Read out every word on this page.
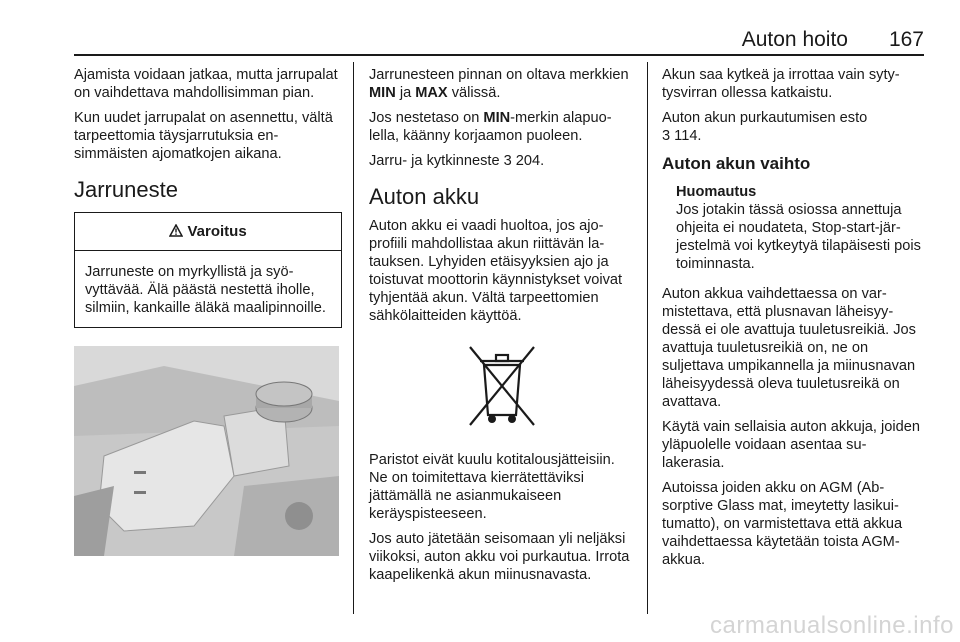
Auton hoito 167

Ajamista voidaan jatkaa, mutta jarrupalat on vaihdettava mahdollisimman pian.

Kun uudet jarrupalat on asennettu, vältä tarpeettomia täysjarrutuksia ensimmäisten ajomatkojen aikana.

Jarruneste
Varoitus
Jarruneste on myrkyllistä ja syövyttävää. Älä päästä nestettä iholle, silmiin, kankaille äläkä maalipinnoille.

Jarrunesteen pinnan on oltava merkkien MIN ja MAX välissä.

Jos nestetaso on MIN-merkin alapuolella, käänny korjaamon puoleen.

Jarru- ja kytkinneste 3 204.

Auton akku

Auton akku ei vaadi huoltoa, jos ajoprofiili mahdollistaa akun riittävän latauksen. Lyhyiden etäisyyksien ajo ja toistuvat moottorin käynnistykset voivat tyhjentää akun. Vältä tarpeettomien sähkölaitteiden käyttöä.

Paristot eivät kuulu kotitalousjätteisiin. Ne on toimitettava kierrätettäviksi jättämällä ne asianmukaiseen keräyspisteeseen.

Jos auto jätetään seisomaan yli neljäksi viikoksi, auton akku voi purkautua. Irrota kaapelikenkä akun miinusnavasta.

Akun saa kytkeä ja irrottaa vain sytytysvirran ollessa katkaistu.

Auton akun purkautumisen esto
3 114.

Auton akun vaihto
Huomautus
Jos jotakin tässä osiossa annettuja ohjeita ei noudateta, Stop-start-järjestelmä voi kytkeytyä tilapäisesti pois toiminnasta.

Auton akkua vaihdettaessa on varmistettava, että plusnavan läheisyydessä ei ole avattuja tuuletusreikiä. Jos avattuja tuuletusreikiä on, ne on suljettava umpikannella ja miinusnavan läheisyydessä oleva tuuletusreikä on avattava.

Käytä vain sellaisia auton akkuja, joiden yläpuolelle voidaan asentaa sulakerasia.

Autoissa joiden akku on AGM (Absorptive Glass mat, imeytetty lasikuitumatto), on varmistettava että akkua vaihdettaessa käytetään toista AGM-akkua.

carmanualsonline.info
